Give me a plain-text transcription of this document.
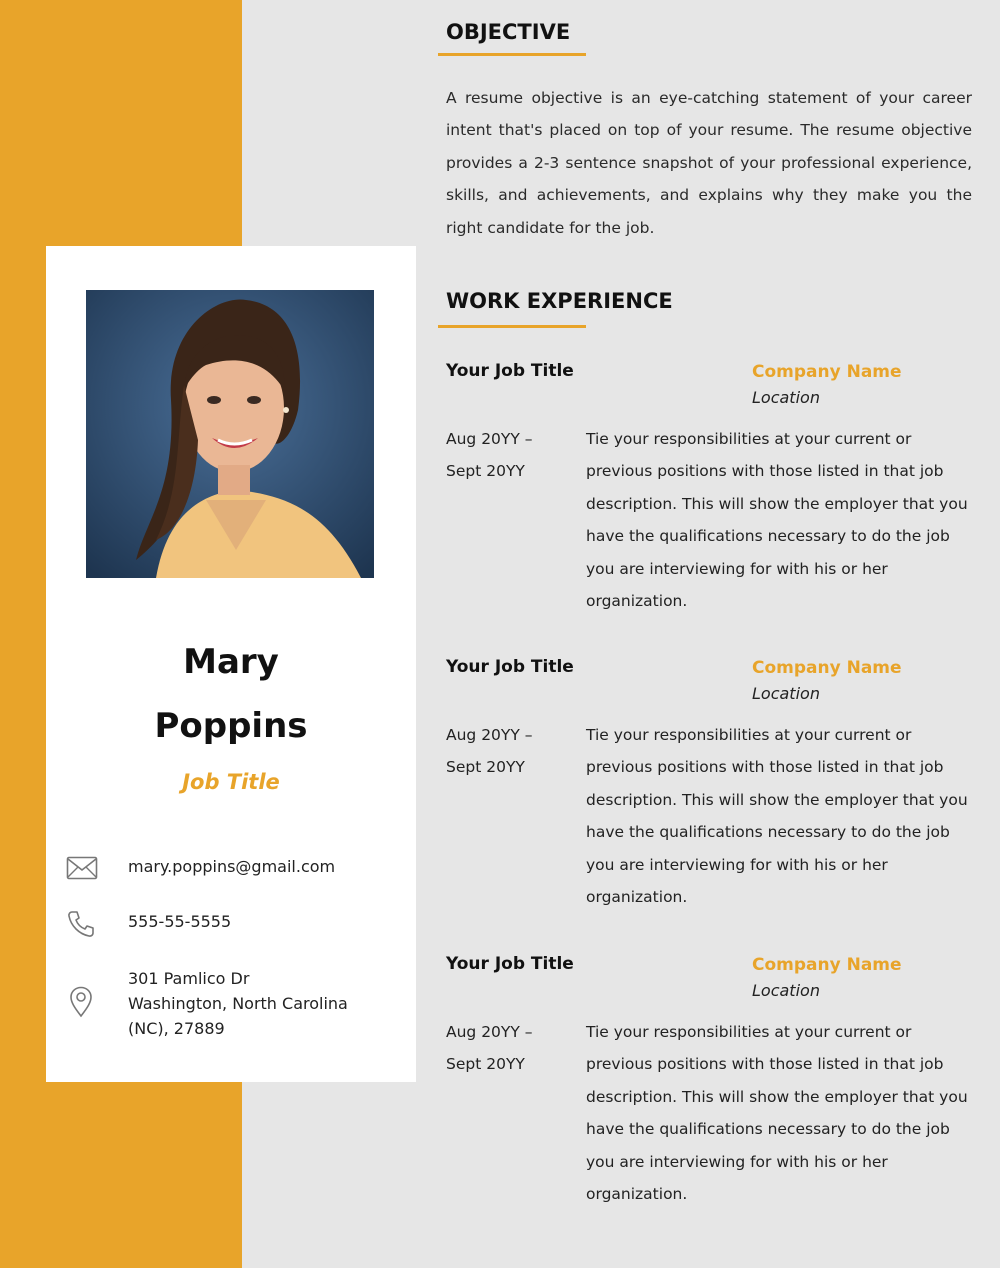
Mary
Poppins
Job Title
mary.poppins@gmail.com
555-55-5555
301 Pamlico Dr
Washington, North Carolina
(NC), 27889
OBJECTIVE
A resume objective is an eye-catching statement of your career intent that's placed on top of your resume. The resume objective provides a 2-3 sentence snapshot of your professional experience, skills, and achievements, and explains why they make you the right candidate for the job.
WORK EXPERIENCE
Your Job Title	Company Name
Location
Aug 20YY –
Sept 20YY
Tie your responsibilities at your current or previous positions with those listed in that job description. This will show the employer that you have the qualifications necessary to do the job you are interviewing for with his or her organization.
Your Job Title	Company Name
Location
Aug 20YY –
Sept 20YY
Tie your responsibilities at your current or previous positions with those listed in that job description. This will show the employer that you have the qualifications necessary to do the job you are interviewing for with his or her organization.
Your Job Title	Company Name
Location
Aug 20YY –
Sept 20YY
Tie your responsibilities at your current or previous positions with those listed in that job description. This will show the employer that you have the qualifications necessary to do the job you are interviewing for with his or her organization.
